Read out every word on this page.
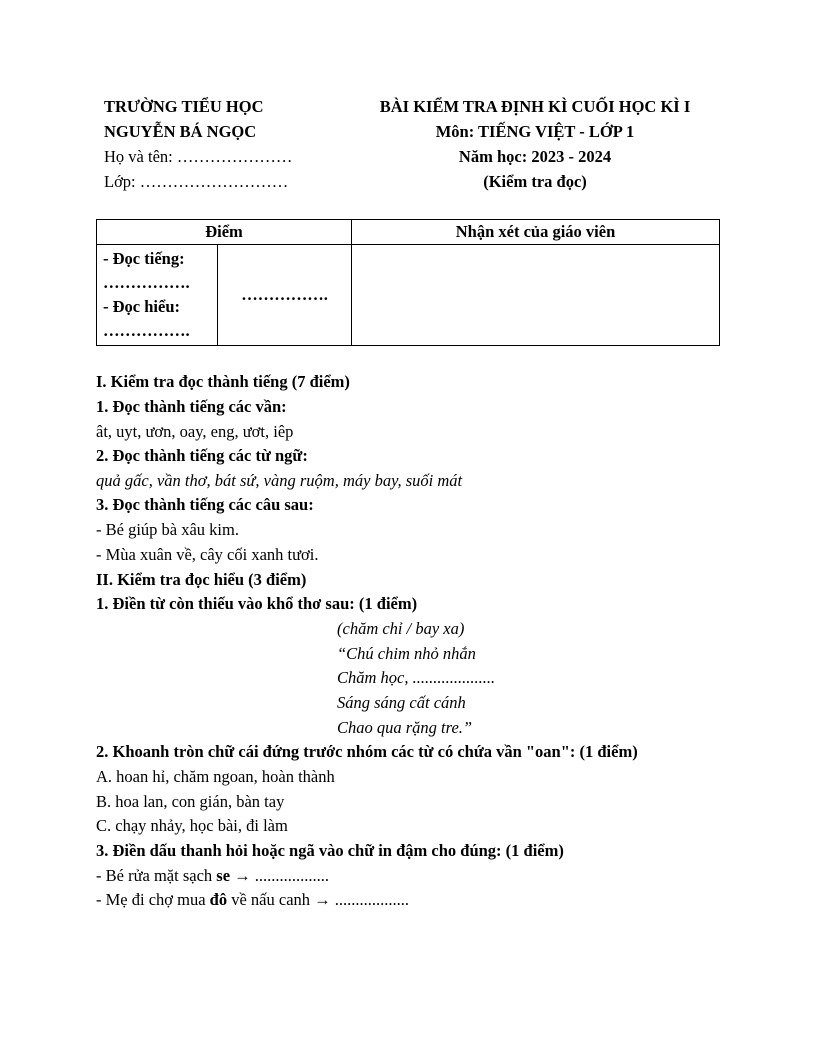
TRƯỜNG TIỂU HỌC
NGUYỄN BÁ NGỌC
Họ và tên: …………………
Lớp: ………………………
BÀI KIỂM TRA ĐỊNH KÌ CUỐI HỌC KÌ I
Môn: TIẾNG VIỆT - LỚP 1
Năm học: 2023 - 2024
(Kiểm tra đọc)
Điểm		Nhận xét của giáo viên

- Đọc tiếng:
…………….
- Đọc hiểu:
…………….	…………….	
I. Kiểm tra đọc thành tiếng (7 điểm)
1. Đọc thành tiếng các vần:
ât, uyt, ươn, oay, eng, ươt, iêp
2. Đọc thành tiếng các từ ngữ:
quả gấc, vần thơ, bát sứ, vàng ruộm, máy bay, suối mát
3. Đọc thành tiếng các câu sau:
- Bé giúp bà xâu kim.
- Mùa xuân về, cây cối xanh tươi.
II. Kiểm tra đọc hiểu (3 điểm)
1. Điền từ còn thiếu vào khổ thơ sau: (1 điểm)
(chăm chỉ / bay xa)
“Chú chim nhỏ nhắn
Chăm học, ....................
Sáng sáng cất cánh
Chao qua rặng tre.”
2. Khoanh tròn chữ cái đứng trước nhóm các từ có chứa vần "oan": (1 điểm)
A. hoan hỉ, chăm ngoan, hoàn thành
B. hoa lan, con gián, bàn tay
C. chạy nhảy, học bài, đi làm
3. Điền dấu thanh hỏi hoặc ngã vào chữ in đậm cho đúng: (1 điểm)
- Bé rửa mặt sạch se → ..................
- Mẹ đi chợ mua đô về nấu canh → ..................
